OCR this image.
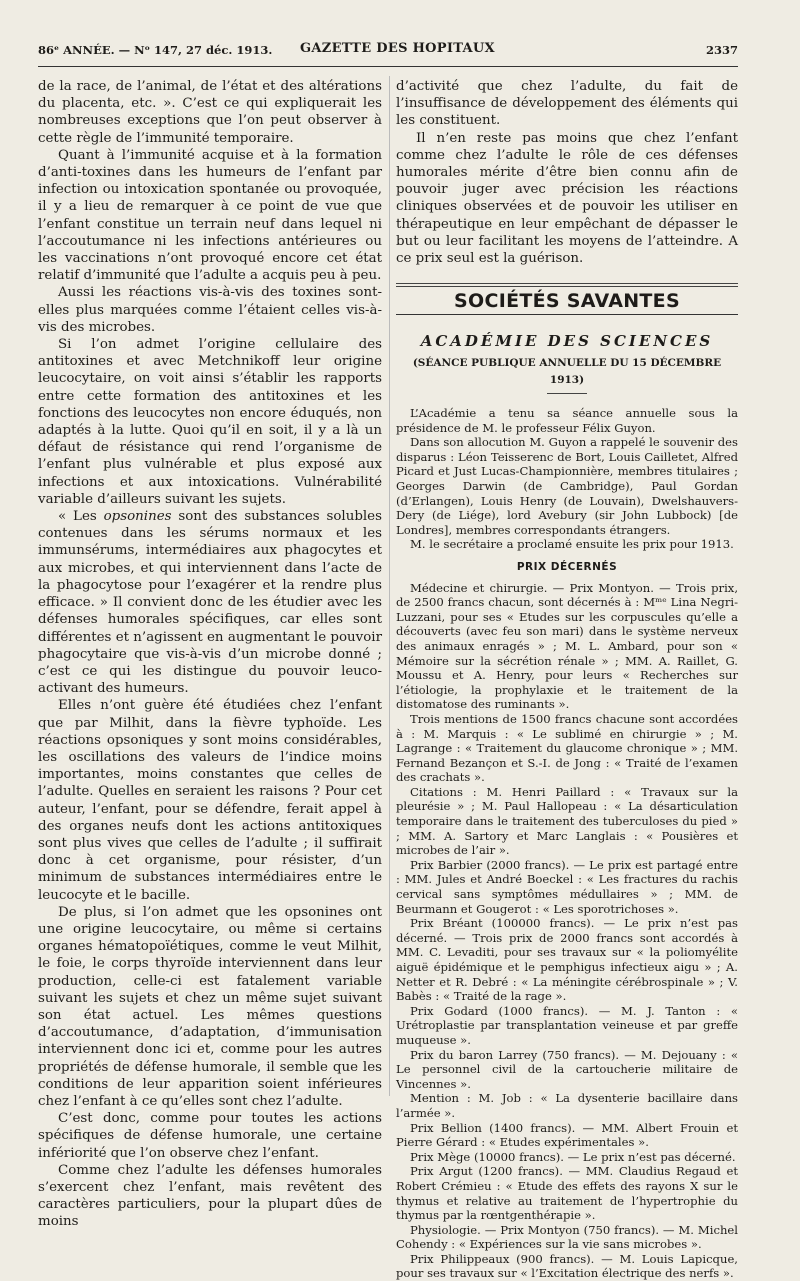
86ᵉ ANNÉE. — Nᵒ 147, 27 déc. 1913. GAZETTE DES HOPITAUX	2337

de la race, de l’animal, de l’état et des altérations du placenta, etc. ». C’est ce qui expliquerait les nombreuses exceptions que l’on peut observer à cette règle de l’immunité temporaire.

Quant à l’immunité acquise et à la formation d’anti-toxines dans les humeurs de l’enfant par infection ou intoxication spontanée ou provoquée, il y a lieu de remarquer à ce point de vue que l’enfant constitue un terrain neuf dans lequel ni l’accoutumance ni les infections antérieures ou les vaccinations n’ont provoqué encore cet état relatif d’immunité que l’adulte a acquis peu à peu.

Aussi les réactions vis-à-vis des toxines sont-elles plus marquées comme l’étaient celles vis-à-vis des microbes.

Si l’on admet l’origine cellulaire des antitoxines et avec Metchnikoff leur origine leucocytaire, on voit ainsi s’établir les rapports entre cette formation des antitoxines et les fonctions des leucocytes non encore éduqués, non adaptés à la lutte. Quoi qu’il en soit, il y a là un défaut de résistance qui rend l’organisme de l’enfant plus vulnérable et plus exposé aux infections et aux intoxications. Vulnérabilité variable d’ailleurs suivant les sujets.

« Les opsonines sont des substances solubles contenues dans les sérums normaux et les immunsérums, intermédiaires aux phagocytes et aux microbes, et qui interviennent dans l’acte de la phagocytose pour l’exagérer et la rendre plus efficace. » Il convient donc de les étudier avec les défenses humorales spécifiques, car elles sont différentes et n’agissent en augmentant le pouvoir phagocytaire que vis-à-vis d’un microbe donné ; c’est ce qui les distingue du pouvoir leuco-activant des humeurs.

Elles n’ont guère été étudiées chez l’enfant que par Milhit, dans la fièvre typhoïde. Les réactions opsoniques y sont moins considérables, les oscillations des valeurs de l’indice moins importantes, moins constantes que celles de l’adulte. Quelles en seraient les raisons ? Pour cet auteur, l’enfant, pour se défendre, ferait appel à des organes neufs dont les actions antitoxiques sont plus vives que celles de l’adulte ; il suffirait donc à cet organisme, pour résister, d’un minimum de substances intermédiaires entre le leucocyte et le bacille.

De plus, si l’on admet que les opsonines ont une origine leucocytaire, ou même si certains organes hématopoïétiques, comme le veut Milhit, le foie, le corps thyroïde interviennent dans leur production, celle-ci est fatalement variable suivant les sujets et chez un même sujet suivant son état actuel. Les mêmes questions d’accoutumance, d’adaptation, d’immunisation interviennent donc ici et, comme pour les autres propriétés de défense humorale, il semble que les conditions de leur apparition soient inférieures chez l’enfant à ce qu’elles sont chez l’adulte.

C’est donc, comme pour toutes les actions spécifiques de défense humorale, une certaine infériorité que l’on observe chez l’enfant.

Comme chez l’adulte les défenses humorales s’exercent chez l’enfant, mais revêtent des caractères particuliers, pour la plupart dûes de moins

d’activité que chez l’adulte, du fait de l’insuffisance de développement des éléments qui les constituent.

Il n’en reste pas moins que chez l’enfant comme chez l’adulte le rôle de ces défenses humorales mérite d’être bien connu afin de pouvoir juger avec précision les réactions cliniques observées et de pouvoir les utiliser en thérapeutique en leur empêchant de dépasser le but ou leur facilitant les moyens de l’atteindre. A ce prix seul est la guérison.

SOCIÉTÉS SAVANTES
ACADÉMIE DES SCIENCES
(SÉANCE PUBLIQUE ANNUELLE DU 15 DÉCEMBRE 1913)

L’Académie a tenu sa séance annuelle sous la présidence de M. le professeur Félix Guyon.

Dans son allocution M. Guyon a rappelé le souvenir des disparus : Léon Teisserenc de Bort, Louis Cailletet, Alfred Picard et Just Lucas-Championnière, membres titulaires ; Georges Darwin (de Cambridge), Paul Gordan (d’Erlangen), Louis Henry (de Louvain), Dwelshauvers-Dery (de Liége), lord Avebury (sir John Lubbock) [de Londres], membres correspondants étrangers.

M. le secrétaire a proclamé ensuite les prix pour 1913.

PRIX DÉCERNÉS

Médecine et chirurgie. — Prix Montyon. — Trois prix, de 2500 francs chacun, sont décernés à : Mᵐᵉ Lina Negri-Luzzani, pour ses « Etudes sur les corpuscules qu’elle a découverts (avec feu son mari) dans le système nerveux des animaux enragés » ; M. L. Ambard, pour son « Mémoire sur la sécrétion rénale » ; MM. A. Raillet, G. Moussu et A. Henry, pour leurs « Recherches sur l’étiologie, la prophylaxie et le traitement de la distomatose des ruminants ».

Trois mentions de 1500 francs chacune sont accordées à : M. Marquis : « Le sublimé en chirurgie » ; M. Lagrange : « Traitement du glaucome chronique » ; MM. Fernand Bezançon et S.-I. de Jong : « Traité de l’examen des crachats ».

Citations : M. Henri Paillard : « Travaux sur la pleurésie » ; M. Paul Hallopeau : « La désarticulation temporaire dans le traitement des tuberculoses du pied » ; MM. A. Sartory et Marc Langlais : « Pousières et microbes de l’air ».

Prix Barbier (2000 francs). — Le prix est partagé entre : MM. Jules et André Boeckel : « Les fractures du rachis cervical sans symptômes médullaires » ; MM. de Beurmann et Gougerot : « Les sporotrichoses ».

Prix Bréant (100000 francs). — Le prix n’est pas décerné. — Trois prix de 2000 francs sont accordés à MM. C. Levaditi, pour ses travaux sur « la poliomyélite aiguë épidémique et le pemphigus infectieux aigu » ; A. Netter et R. Debré : « La méningite cérébrospinale » ; V. Babès : « Traité de la rage ».

Prix Godard (1000 francs). — M. J. Tanton : « Urétroplastie par transplantation veineuse et par greffe muqueuse ».

Prix du baron Larrey (750 francs). — M. Dejouany : « Le personnel civil de la cartoucherie militaire de Vincennes ».

Mention : M. Job : « La dysenterie bacillaire dans l’armée ».

Prix Bellion (1400 francs). — MM. Albert Frouin et Pierre Gérard : « Etudes expérimentales ».

Prix Mège (10000 francs). — Le prix n’est pas décerné.

Prix Argut (1200 francs). — MM. Claudius Regaud et Robert Crémieu : « Etude des effets des rayons X sur le thymus et relative au traitement de l’hypertrophie du thymus par la rœntgenthérapie ».

Physiologie. — Prix Montyon (750 francs). — M. Michel Cohendy : « Expériences sur la vie sans microbes ».

Prix Philippeaux (900 francs). — M. Louis Lapicque, pour ses travaux sur « l’Excitation électrique des nerfs ».
